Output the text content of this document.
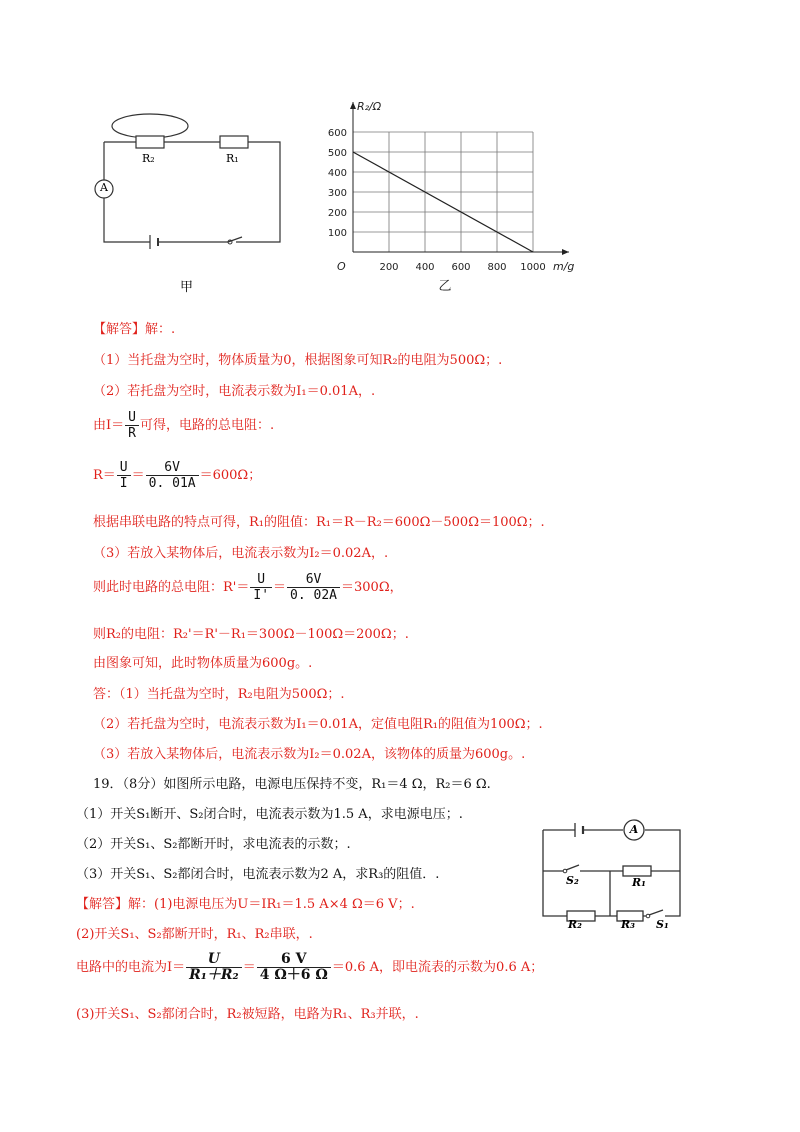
R₂	R₁
A
甲
200 400 600 800 1000
100
200
300
400
500
600
O
R₂/Ω
m/g
乙
【解答】解：.
（1）当托盘为空时，物体质量为0，根据图象可知R₂的电阻为500Ω；.
（2）若托盘为空时，电流表示数为I₁＝0.01A，.
由$I= \frac{U}{R}$ 可得，电路的总电阻：.
$R= \frac{U}{I} = \frac{6V}{0. 01A} =600\Omega$；
根据串联电路的特点可得，R₁的阻值：R₁＝R－R₂＝600Ω－500Ω＝100Ω；.
（3）若放入某物体后，电流表示数为I₂＝0.02A，.
则此时电路的总电阻：$R'= \frac{U}{I'} = \frac{6V}{0. 02A} =300\Omega$，
则R₂的电阻：R₂'＝R'－R₁＝300Ω－100Ω＝200Ω；.
由图象可知，此时物体质量为600g。.
答：（1）当托盘为空时，R₂电阻为500Ω；.
（2）若托盘为空时，电流表示数为I₁＝0.01A，定值电阻R₁的阻值为100Ω；.
（3）若放入某物体后，电流表示数为I₂＝0.02A，该物体的质量为600g。.
19．（8分）如图所示电路，电源电压保持不变，R₁＝4 Ω，R₂＝6 Ω.
（1）开关S₁断开、S₂闭合时，电流表示数为1.5 A，求电源电压；.
（2）开关S₁、S₂都断开时，求电流表的示数；.
（3）开关S₁、S₂都闭合时，电流表示数为2 A，求R₃的阻值．.
A
S₂	R₁
R₂	R₃ S₁
【解答】解：(1)电源电压为U＝IR₁＝1.5 A×4 Ω＝6 V；.
(2)开关S₁、S₂都断开时，R₁、R₂串联，.
电路中的电流为$I= \frac{U}{\text{R₁＋R₂}} = \frac{6 V}{4 \Omega+6 \Omega} =0.6$ A，即电流表的示数为0.6 A；
(3)开关S₁、S₂都闭合时，R₂被短路，电路为R₁、R₃并联，.
